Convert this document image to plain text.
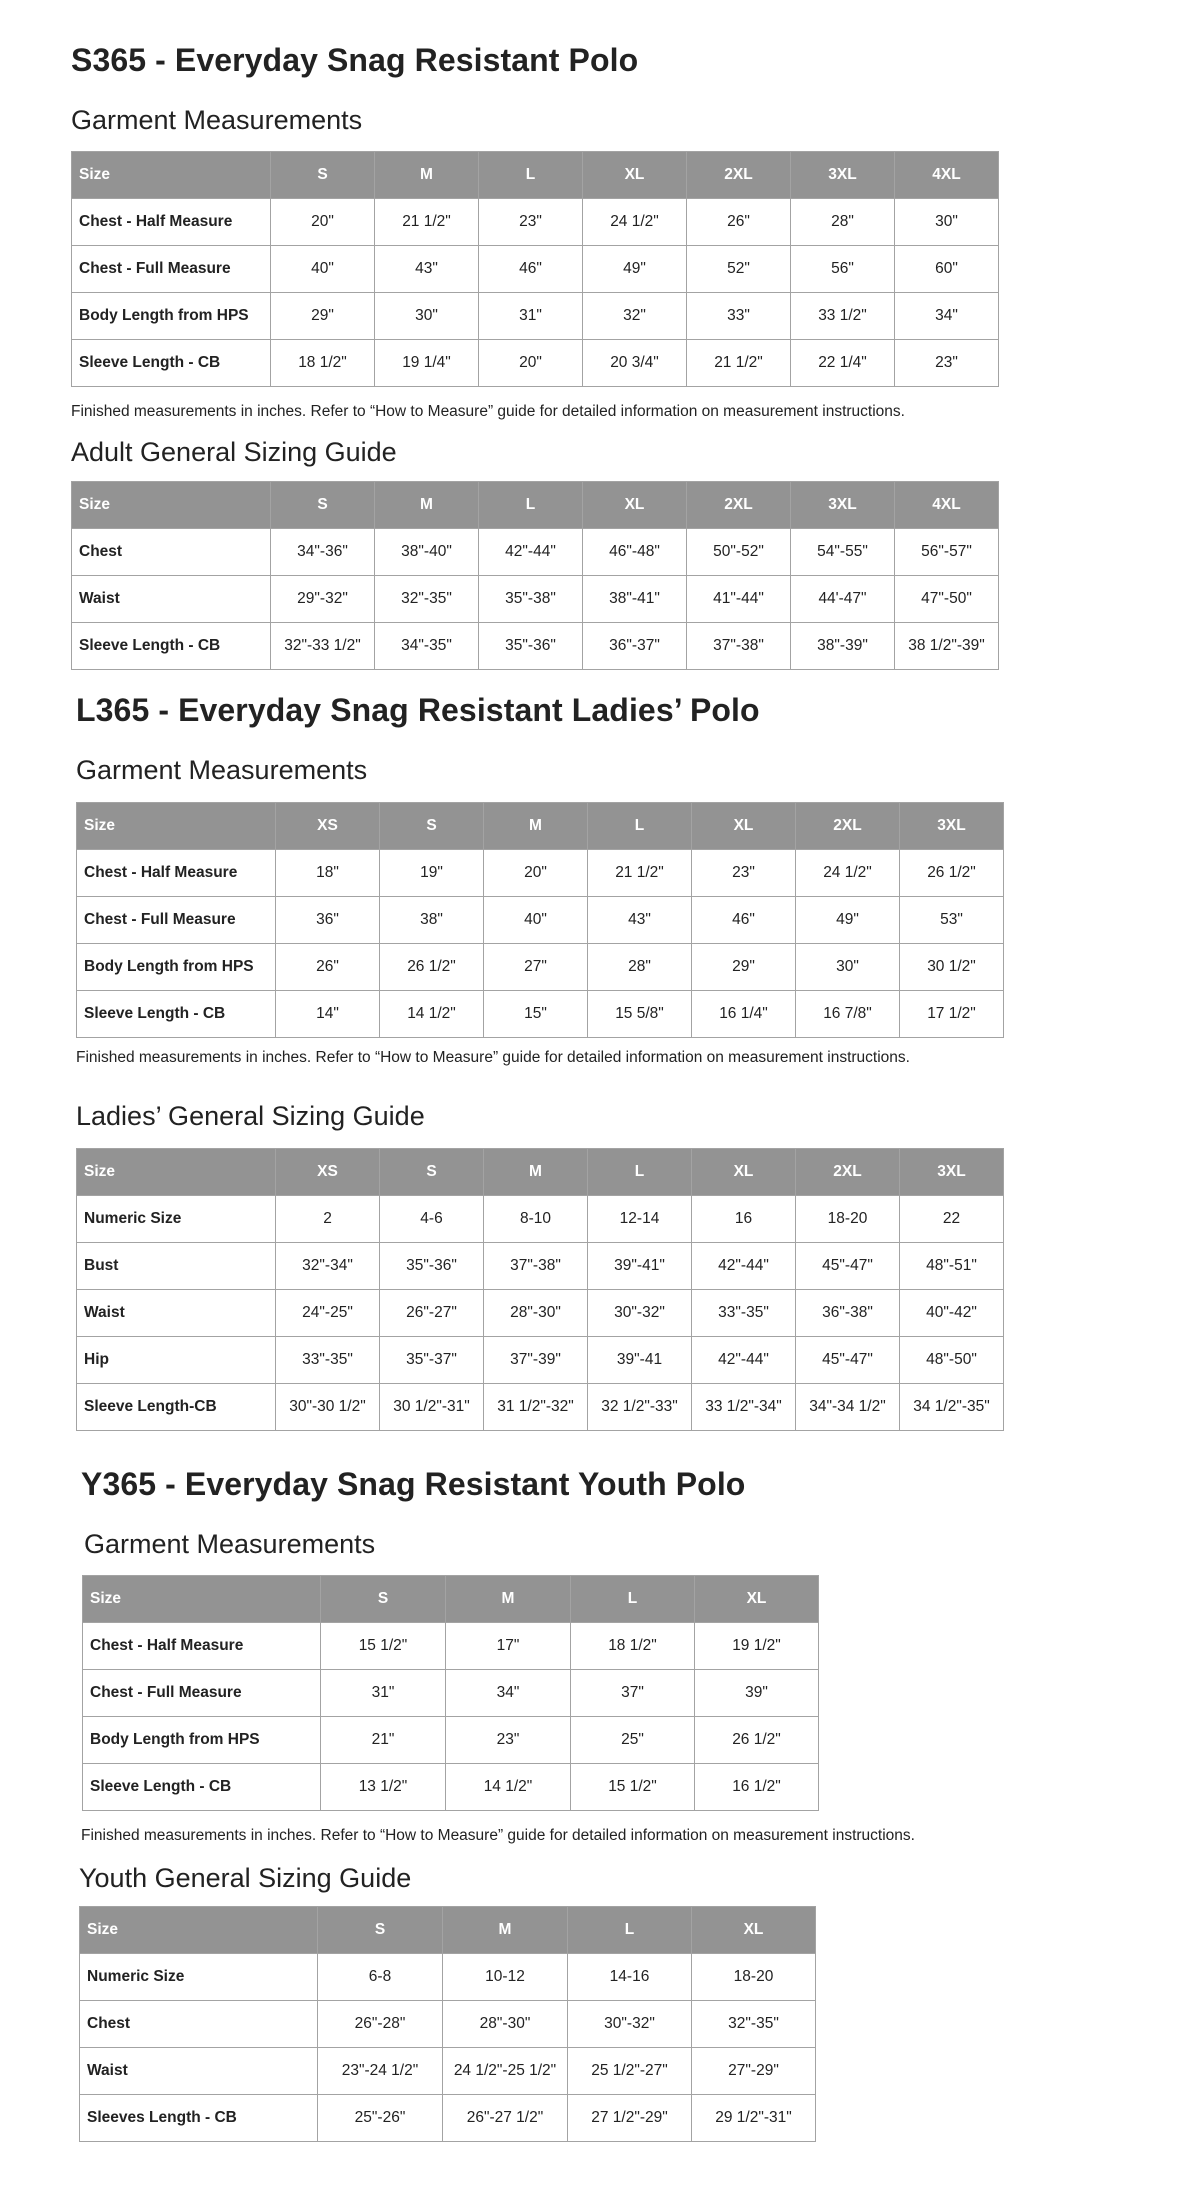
S365 - Everyday Snag Resistant Polo
Garment Measurements
Size	S	M	L	XL	2XL	3XL	4XL
Chest - Half Measure	20"	21 1/2"	23"	24 1/2"	26"	28"	30"
Chest - Full Measure	40"	43"	46"	49"	52"	56"	60"
Body Length from HPS	29"	30"	31"	32"	33"	33 1/2"	34"
Sleeve Length - CB	18 1/2"	19 1/4"	20"	20 3/4"	21 1/2"	22 1/4"	23"
Finished measurements in inches. Refer to “How to Measure” guide for detailed information on measurement instructions.
Adult General Sizing Guide
Size	S	M	L	XL	2XL	3XL	4XL
Chest	34"-36"	38"-40"	42"-44"	46"-48"	50"-52"	54"-55"	56"-57"
Waist	29"-32"	32"-35"	35"-38"	38"-41"	41"-44"	44'-47"	47"-50"
Sleeve Length - CB	32"-33 1/2"	34"-35"	35"-36"	36"-37"	37"-38"	38"-39"	38 1/2"-39"
L365 - Everyday Snag Resistant Ladies’ Polo
Garment Measurements
Size	XS	S	M	L	XL	2XL	3XL
Chest - Half Measure	18"	19"	20"	21 1/2"	23"	24 1/2"	26 1/2"
Chest - Full Measure	36"	38"	40"	43"	46"	49"	53"
Body Length from HPS	26"	26 1/2"	27"	28"	29"	30"	30 1/2"
Sleeve Length - CB	14"	14 1/2"	15"	15 5/8"	16 1/4"	16 7/8"	17 1/2"
Finished measurements in inches. Refer to “How to Measure” guide for detailed information on measurement instructions.
Ladies’ General Sizing Guide
Size	XS	S	M	L	XL	2XL	3XL
Numeric Size	2	4-6	8-10	12-14	16	18-20	22
Bust	32"-34"	35"-36"	37"-38"	39"-41"	42"-44"	45"-47"	48"-51"
Waist	24"-25"	26"-27"	28"-30"	30"-32"	33"-35"	36"-38"	40"-42"
Hip	33"-35"	35"-37"	37"-39"	39"-41	42"-44"	45"-47"	48"-50"
Sleeve Length-CB	30"-30 1/2"	30 1/2"-31"	31 1/2"-32"	32 1/2"-33"	33 1/2"-34"	34"-34 1/2"	34 1/2"-35"
Y365 - Everyday Snag Resistant Youth Polo
Garment Measurements
Size	S	M	L	XL
Chest - Half Measure	15 1/2"	17"	18 1/2"	19 1/2"
Chest - Full Measure	31"	34"	37"	39"
Body Length from HPS	21"	23"	25"	26 1/2"
Sleeve Length - CB	13 1/2"	14 1/2"	15 1/2"	16 1/2"
Finished measurements in inches. Refer to “How to Measure” guide for detailed information on measurement instructions.
Youth General Sizing Guide
Size	S	M	L	XL
Numeric Size	6-8	10-12	14-16	18-20
Chest	26"-28"	28"-30"	30"-32"	32"-35"
Waist	23"-24 1/2"	24 1/2"-25 1/2"	25 1/2"-27"	27"-29"
Sleeves Length - CB	25"-26"	26"-27 1/2"	27 1/2"-29"	29 1/2"-31"
